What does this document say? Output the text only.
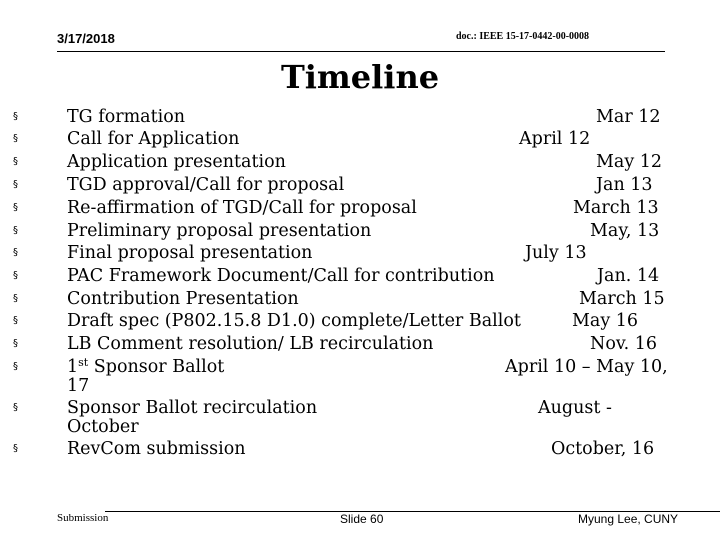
3/17/2018	doc.: IEEE 15-17-0442-00-0008
Timeline
§	TG formation	Mar 12
§	Call for Application	April 12
§	Application presentation	May 12
§	TGD approval/Call for proposal	Jan 13
§	Re-affirmation of TGD/Call for proposal	March 13
§	Preliminary proposal presentation	May, 13
§	Final proposal presentation	July 13
§	PAC Framework Document/Call for contribution	Jan. 14
§	Contribution Presentation	March 15
§	Draft spec (P802.15.8 D1.0) complete/Letter Ballot	May 16
§	LB Comment resolution/ LB recirculation	Nov. 16
§	1st Sponsor Ballot	April 10 – May 10,
17
§	Sponsor Ballot recirculation	August -
October
§	RevCom submission	October, 16
Submission	Slide 60	Myung Lee, CUNY
